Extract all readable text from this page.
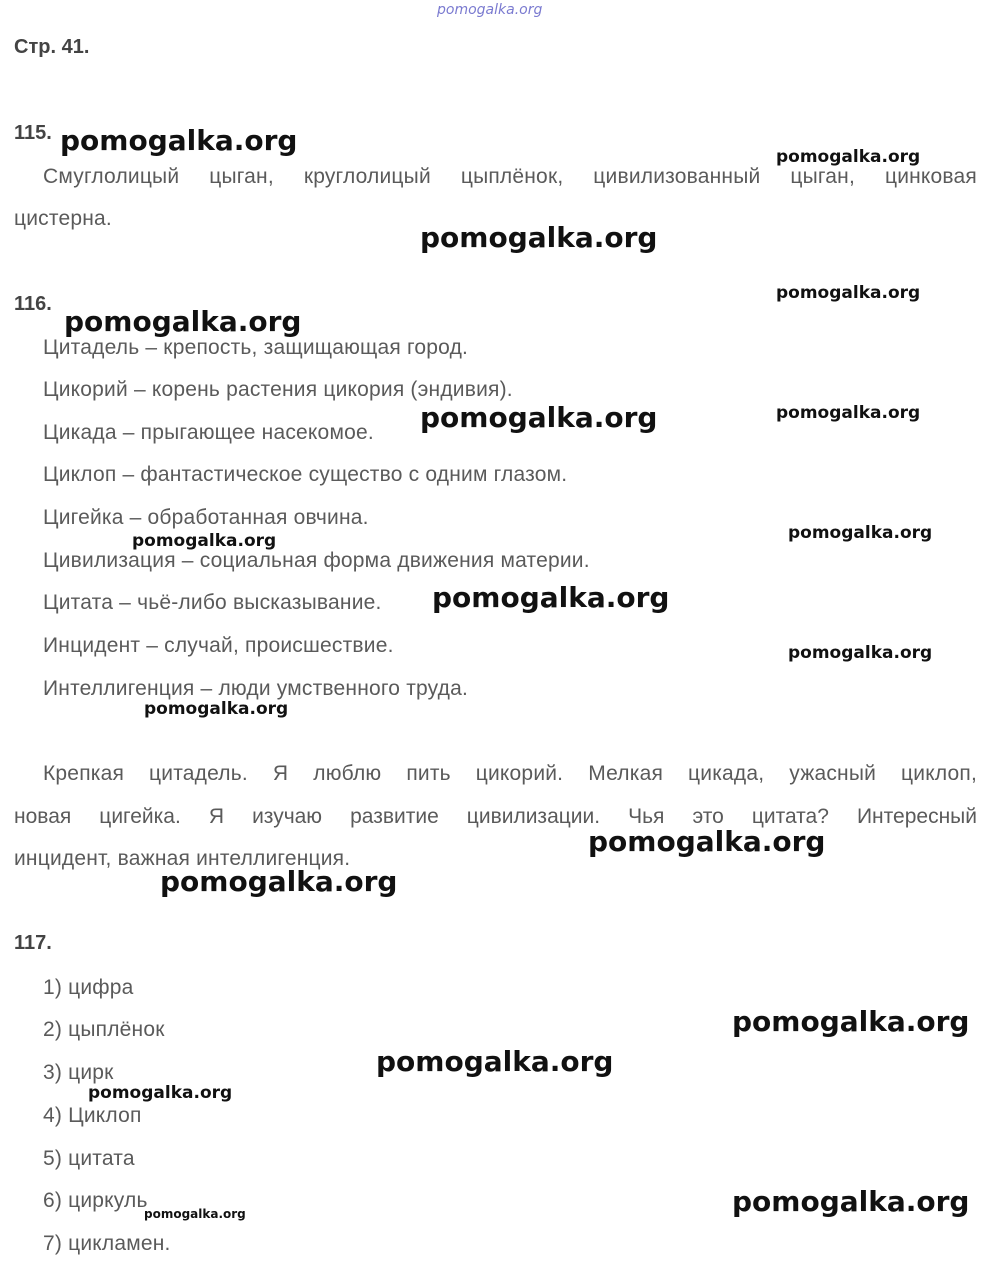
pomogalka.org
Стр. 41.
115.
Смуглолицый цыган, круглолицый цыплёнок, цивилизованный цыган, цинковая
цистерна.
116.
Цитадель – крепость, защищающая город.
Цикорий – корень растения цикория (эндивия).
Цикада – прыгающее насекомое.
Циклоп – фантастическое существо с одним глазом.
Цигейка – обработанная овчина.
Цивилизация – социальная форма движения материи.
Цитата – чьё-либо высказывание.
Инцидент – случай, происшествие.
Интеллигенция – люди умственного труда.
Крепкая цитадель. Я люблю пить цикорий. Мелкая цикада, ужасный циклоп,
новая цигейка. Я изучаю развитие цивилизации. Чья это цитата? Интересный
инцидент, важная интеллигенция.
117.
1) цифра
2) цыплёнок
3) цирк
4) Циклоп
5) цитата
6) циркуль
7) цикламен.
pomogalka.org	pomogalka.org
pomogalka.org
pomogalka.org
pomogalka.org
pomogalka.org
pomogalka.org
pomogalka.org
pomogalka.org
pomogalka.org
pomogalka.org
pomogalka.org
pomogalka.org
pomogalka.org
pomogalka.org
pomogalka.org
pomogalka.org
pomogalka.org
pomogalka.org
